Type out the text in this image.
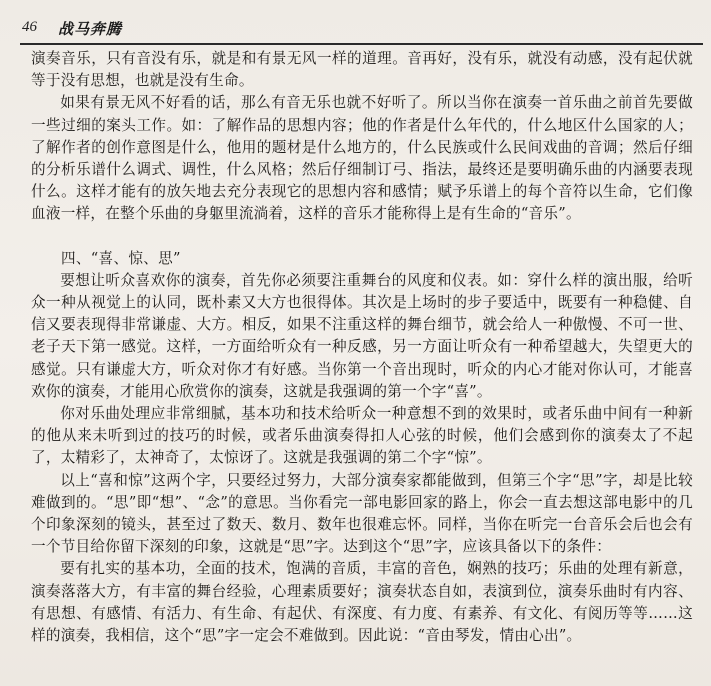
46 战马奔腾

演奏音乐，只有音没有乐，就是和有景无风一样的道理。音再好，没有乐，就没有动感，没有起伏就等于没有思想，也就是没有生命。

如果有景无风不好看的话，那么有音无乐也就不好听了。所以当你在演奏一首乐曲之前首先要做一些过细的案头工作。如：了解作品的思想内容；他的作者是什么年代的，什么地区什么国家的人；了解作者的创作意图是什么，他用的题材是什么地方的，什么民族或什么民间戏曲的音调；然后仔细的分析乐谱什么调式、调性，什么风格；然后仔细制订弓、指法，最终还是要明确乐曲的内涵要表现什么。这样才能有的放矢地去充分表现它的思想内容和感情；赋予乐谱上的每个音符以生命，它们像血液一样，在整个乐曲的身躯里流淌着，这样的音乐才能称得上是有生命的“音乐”。

四、“喜、惊、思”

要想让听众喜欢你的演奏，首先你必须要注重舞台的风度和仪表。如：穿什么样的演出服，给听众一种从视觉上的认同，既朴素又大方也很得体。其次是上场时的步子要适中，既要有一种稳健、自信又要表现得非常谦虚、大方。相反，如果不注重这样的舞台细节，就会给人一种傲慢、不可一世、老子天下第一感觉。这样，一方面给听众有一种反感，另一方面让听众有一种希望越大，失望更大的感觉。只有谦虚大方，听众对你才有好感。当你第一个音出现时，听众的内心才能对你认可，才能喜欢你的演奏，才能用心欣赏你的演奏，这就是我强调的第一个字“喜”。

你对乐曲处理应非常细腻，基本功和技术给听众一种意想不到的效果时，或者乐曲中间有一种新的他从来未听到过的技巧的时候，或者乐曲演奏得扣人心弦的时候，他们会感到你的演奏太了不起了，太精彩了，太神奇了，太惊讶了。这就是我强调的第二个字“惊”。

以上“喜和惊”这两个字，只要经过努力，大部分演奏家都能做到，但第三个字“思”字，却是比较难做到的。“思”即“想”、“念”的意思。当你看完一部电影回家的路上，你会一直去想这部电影中的几个印象深刻的镜头，甚至过了数天、数月、数年也很难忘怀。同样，当你在听完一台音乐会后也会有一个节目给你留下深刻的印象，这就是“思”字。达到这个“思”字，应该具备以下的条件：

要有扎实的基本功，全面的技术，饱满的音质，丰富的音色，娴熟的技巧；乐曲的处理有新意，演奏落落大方，有丰富的舞台经验，心理素质要好；演奏状态自如，表演到位，演奏乐曲时有内容、有思想、有感情、有活力、有生命、有起伏、有深度、有力度、有素养、有文化、有阅历等等……这样的演奏，我相信，这个“思”字一定会不难做到。因此说：“音由琴发，情由心出”。
